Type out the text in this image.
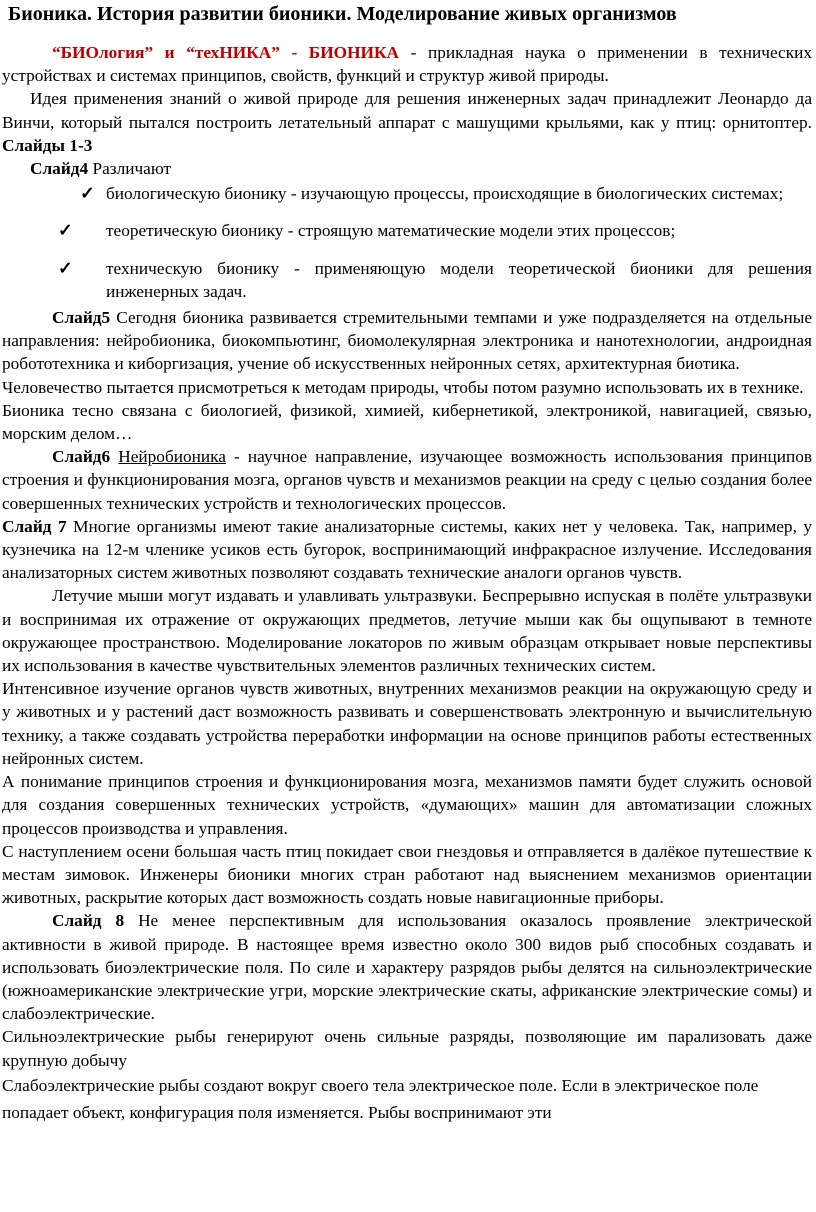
Бионика. История развитии бионики. Моделирование живых организмов

“БИОлогия” и “техНИКА” - БИОНИКА - прикладная наука о применении в технических устройствах и системах принципов, свойств, функций и структур живой природы.

Идея применения знаний о живой природе для решения инженерных задач принадлежит Леонардо да Винчи, который пытался построить летательный аппарат с машущими крыльями, как у птиц: орнитоптер. Слайды 1-3

Слайд4 Различают

✓ биологическую бионику - изучающую процессы, происходящие в биологических системах;
✓ теоретическую бионику - строящую математические модели этих процессов;
✓ техническую бионику - применяющую модели теоретической бионики для решения инженерных задач.

Слайд5 Сегодня бионика развивается стремительными темпами и уже подразделяется на отдельные направления: нейробионика, биокомпьютинг, биомолекулярная электроника и нанотехнологии, андроидная робототехника и киборгизация, учение об искусственных нейронных сетях, архитектурная биотика.

Человечество пытается присмотреться к методам природы, чтобы потом разумно использовать их в технике.

Бионика тесно связана с биологией, физикой, химией, кибернетикой, электроникой, навигацией, связью, морским делом…

Слайд6 Нейробионика - научное направление, изучающее возможность использования принципов строения и функционирования мозга, органов чувств и механизмов реакции на среду с целью создания более совершенных технических устройств и технологических процессов.

Слайд 7 Многие организмы имеют такие анализаторные системы, каких нет у человека. Так, например, у кузнечика на 12-м членике усиков есть бугорок, воспринимающий инфракрасное излучение. Исследования анализаторных систем животных позволяют создавать технические аналоги органов чувств.

Летучие мыши могут издавать и улавливать ультразвуки. Беспрерывно испуская в полёте ультразвуки и воспринимая их отражение от окружающих предметов, летучие мыши как бы ощупывают в темноте окружающее пространствою. Моделирование локаторов по живым образцам открывает новые перспективы их использования в качестве чувствительных элементов различных технических систем.

Интенсивное изучение органов чувств животных, внутренних механизмов реакции на окружающую среду и у животных и у растений даст возможность развивать и совершенствовать электронную и вычислительную технику, а также создавать устройства переработки информации на основе принципов работы естественных нейронных систем.

А понимание принципов строения и функционирования мозга, механизмов памяти будет служить основой для создания совершенных технических устройств, «думающих» машин для автоматизации сложных процессов производства и управления.

С наступлением осени большая часть птиц покидает свои гнездовья и отправляется в далёкое путешествие к местам зимовок. Инженеры бионики многих стран работают над выяснением механизмов ориентации животных, раскрытие которых даст возможность создать новые навигационные приборы.

Слайд 8 Не менее перспективным для использования оказалось проявление электрической активности в живой природе. В настоящее время известно около 300 видов рыб способных создавать и использовать биоэлектрические поля. По силе и характеру разрядов рыбы делятся на сильноэлектрические (южноамериканские электрические угри, морские электрические скаты, африканские электрические сомы) и слабоэлектрические.

Сильноэлектрические рыбы генерируют очень сильные разряды, позволяющие им парализовать даже крупную добычу

Слабоэлектрические рыбы создают вокруг своего тела электрическое поле. Если в электрическое поле попадает объект, конфигурация поля изменяется. Рыбы воспринимают эти
